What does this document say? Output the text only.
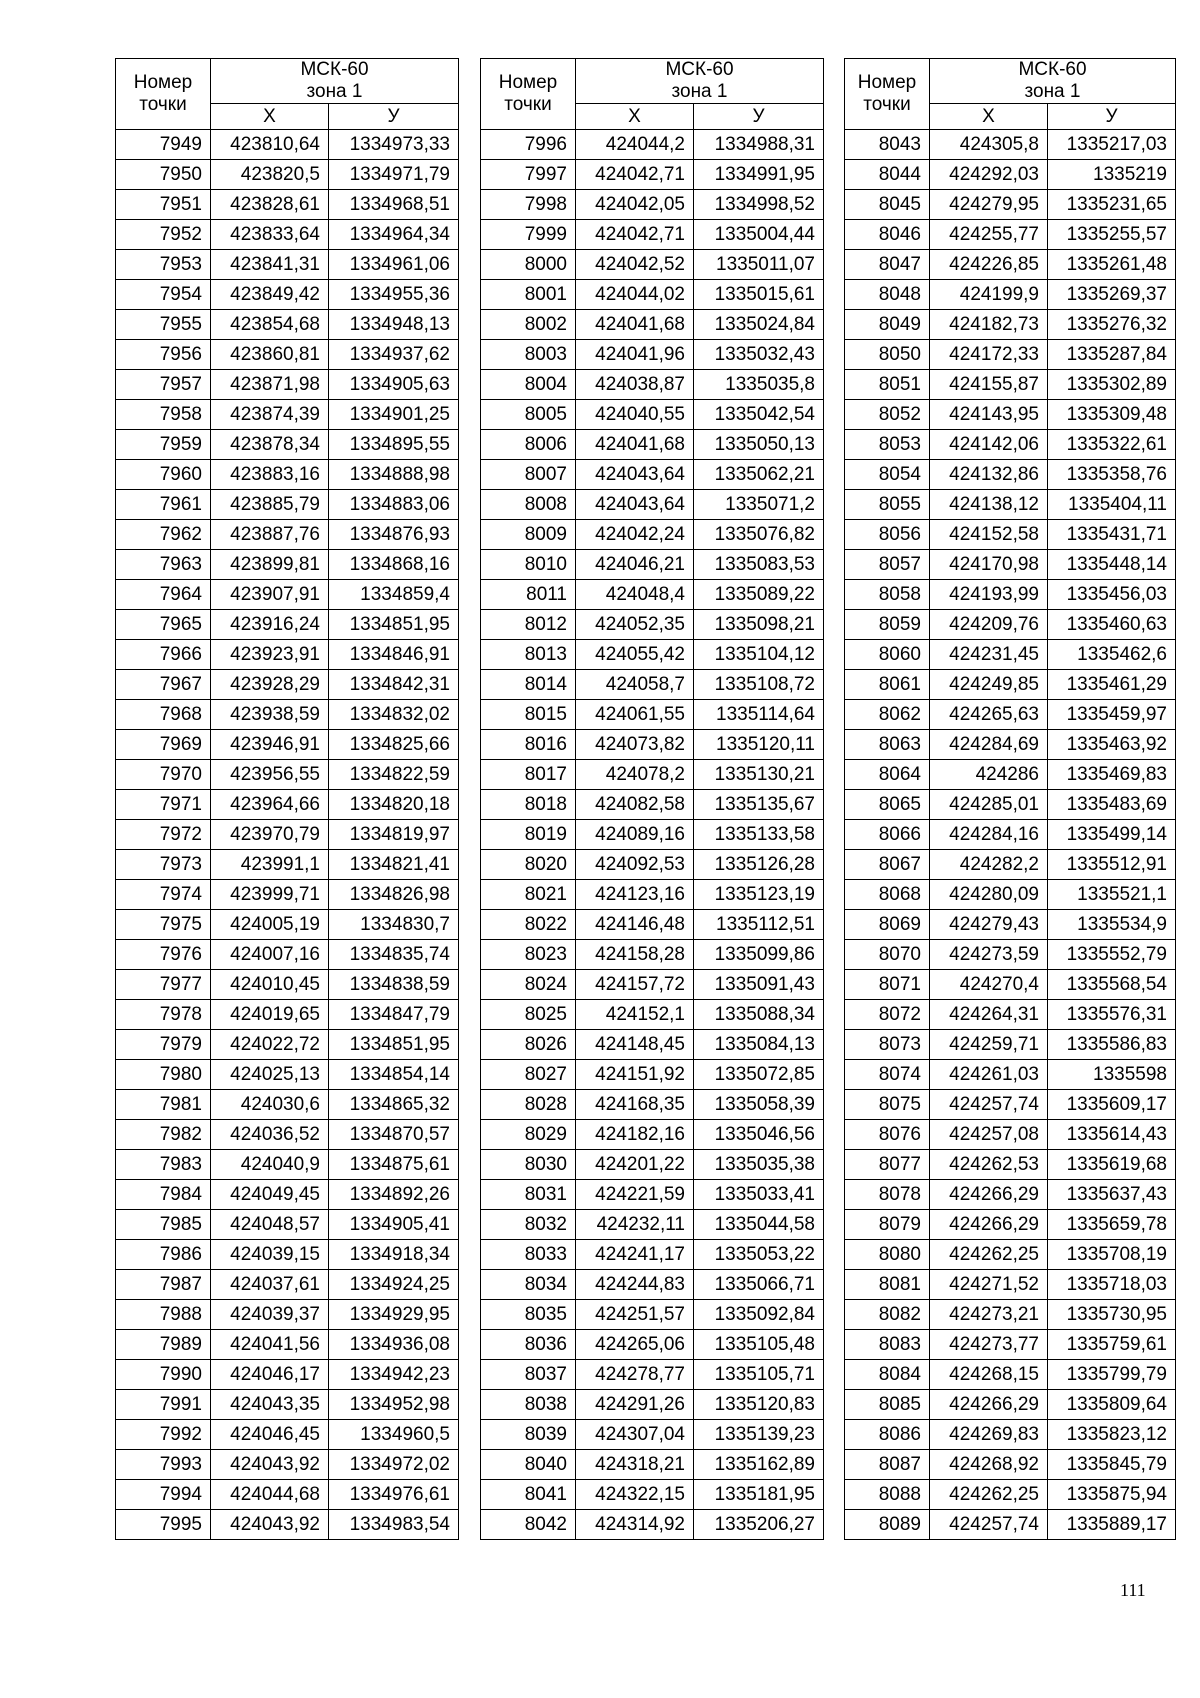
Номер
точки	МСК-60
зона 1	
	Х	У
7949	423810,64	1334973,33
7950	423820,5	1334971,79
7951	423828,61	1334968,51
7952	423833,64	1334964,34
7953	423841,31	1334961,06
7954	423849,42	1334955,36
7955	423854,68	1334948,13
7956	423860,81	1334937,62
7957	423871,98	1334905,63
7958	423874,39	1334901,25
7959	423878,34	1334895,55
7960	423883,16	1334888,98
7961	423885,79	1334883,06
7962	423887,76	1334876,93
7963	423899,81	1334868,16
7964	423907,91	1334859,4
7965	423916,24	1334851,95
7966	423923,91	1334846,91
7967	423928,29	1334842,31
7968	423938,59	1334832,02
7969	423946,91	1334825,66
7970	423956,55	1334822,59
7971	423964,66	1334820,18
7972	423970,79	1334819,97
7973	423991,1	1334821,41
7974	423999,71	1334826,98
7975	424005,19	1334830,7
7976	424007,16	1334835,74
7977	424010,45	1334838,59
7978	424019,65	1334847,79
7979	424022,72	1334851,95
7980	424025,13	1334854,14
7981	424030,6	1334865,32
7982	424036,52	1334870,57
7983	424040,9	1334875,61
7984	424049,45	1334892,26
7985	424048,57	1334905,41
7986	424039,15	1334918,34
7987	424037,61	1334924,25
7988	424039,37	1334929,95
7989	424041,56	1334936,08
7990	424046,17	1334942,23
7991	424043,35	1334952,98
7992	424046,45	1334960,5
7993	424043,92	1334972,02
7994	424044,68	1334976,61
7995	424043,92	1334983,54
Номер
точки	МСК-60
зона 1	
	Х	У
7996	424044,2	1334988,31
7997	424042,71	1334991,95
7998	424042,05	1334998,52
7999	424042,71	1335004,44
8000	424042,52	1335011,07
8001	424044,02	1335015,61
8002	424041,68	1335024,84
8003	424041,96	1335032,43
8004	424038,87	1335035,8
8005	424040,55	1335042,54
8006	424041,68	1335050,13
8007	424043,64	1335062,21
8008	424043,64	1335071,2
8009	424042,24	1335076,82
8010	424046,21	1335083,53
8011	424048,4	1335089,22
8012	424052,35	1335098,21
8013	424055,42	1335104,12
8014	424058,7	1335108,72
8015	424061,55	1335114,64
8016	424073,82	1335120,11
8017	424078,2	1335130,21
8018	424082,58	1335135,67
8019	424089,16	1335133,58
8020	424092,53	1335126,28
8021	424123,16	1335123,19
8022	424146,48	1335112,51
8023	424158,28	1335099,86
8024	424157,72	1335091,43
8025	424152,1	1335088,34
8026	424148,45	1335084,13
8027	424151,92	1335072,85
8028	424168,35	1335058,39
8029	424182,16	1335046,56
8030	424201,22	1335035,38
8031	424221,59	1335033,41
8032	424232,11	1335044,58
8033	424241,17	1335053,22
8034	424244,83	1335066,71
8035	424251,57	1335092,84
8036	424265,06	1335105,48
8037	424278,77	1335105,71
8038	424291,26	1335120,83
8039	424307,04	1335139,23
8040	424318,21	1335162,89
8041	424322,15	1335181,95
8042	424314,92	1335206,27
Номер
точки	МСК-60
зона 1	
	Х	У
8043	424305,8	1335217,03
8044	424292,03	1335219
8045	424279,95	1335231,65
8046	424255,77	1335255,57
8047	424226,85	1335261,48
8048	424199,9	1335269,37
8049	424182,73	1335276,32
8050	424172,33	1335287,84
8051	424155,87	1335302,89
8052	424143,95	1335309,48
8053	424142,06	1335322,61
8054	424132,86	1335358,76
8055	424138,12	1335404,11
8056	424152,58	1335431,71
8057	424170,98	1335448,14
8058	424193,99	1335456,03
8059	424209,76	1335460,63
8060	424231,45	1335462,6
8061	424249,85	1335461,29
8062	424265,63	1335459,97
8063	424284,69	1335463,92
8064	424286	1335469,83
8065	424285,01	1335483,69
8066	424284,16	1335499,14
8067	424282,2	1335512,91
8068	424280,09	1335521,1
8069	424279,43	1335534,9
8070	424273,59	1335552,79
8071	424270,4	1335568,54
8072	424264,31	1335576,31
8073	424259,71	1335586,83
8074	424261,03	1335598
8075	424257,74	1335609,17
8076	424257,08	1335614,43
8077	424262,53	1335619,68
8078	424266,29	1335637,43
8079	424266,29	1335659,78
8080	424262,25	1335708,19
8081	424271,52	1335718,03
8082	424273,21	1335730,95
8083	424273,77	1335759,61
8084	424268,15	1335799,79
8085	424266,29	1335809,64
8086	424269,83	1335823,12
8087	424268,92	1335845,79
8088	424262,25	1335875,94
8089	424257,74	1335889,17
111
